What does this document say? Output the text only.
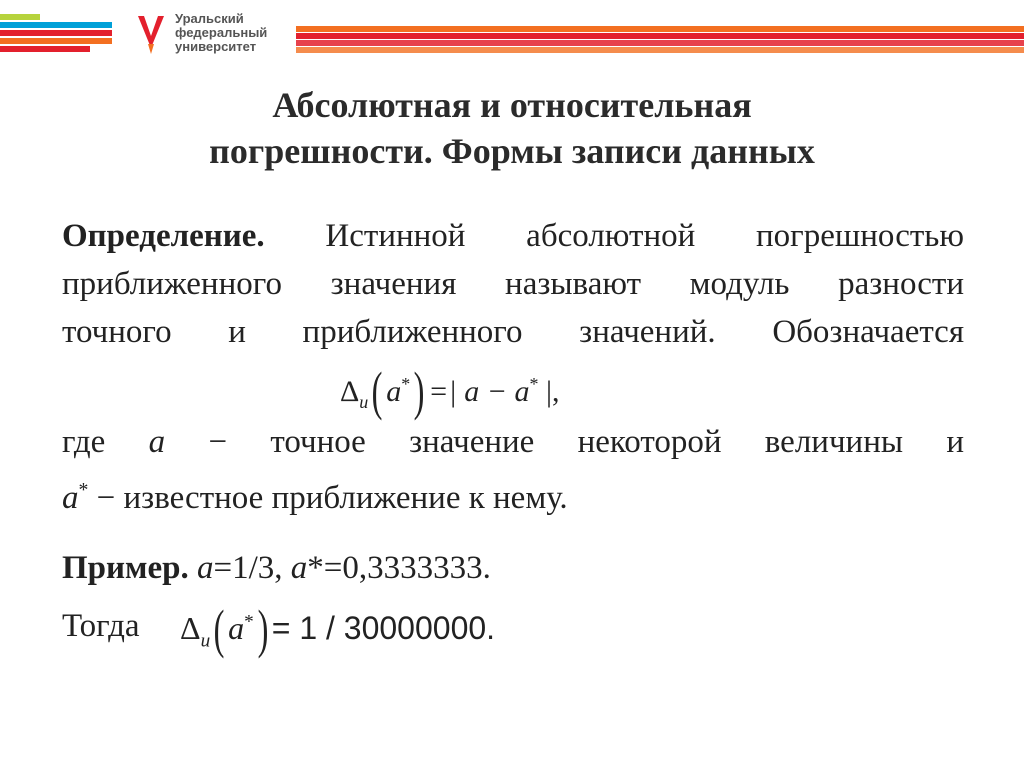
Уральский
федеральный
университет
Абсолютная и относительная
погрешности. Формы записи данных
Определение. Истинной абсолютной погрешностью
приближенного значения называют модуль разности
точного и приближенного значений. Обозначается
$\Delta_и$( a*) =| a − a* |,
где a − точное значение некоторой величины и
a* − известное приближение к нему.
Пример. a=1/3, a*=0,3333333.
Тогда	$\Delta_и$( a*) = 1 / 30000000.
